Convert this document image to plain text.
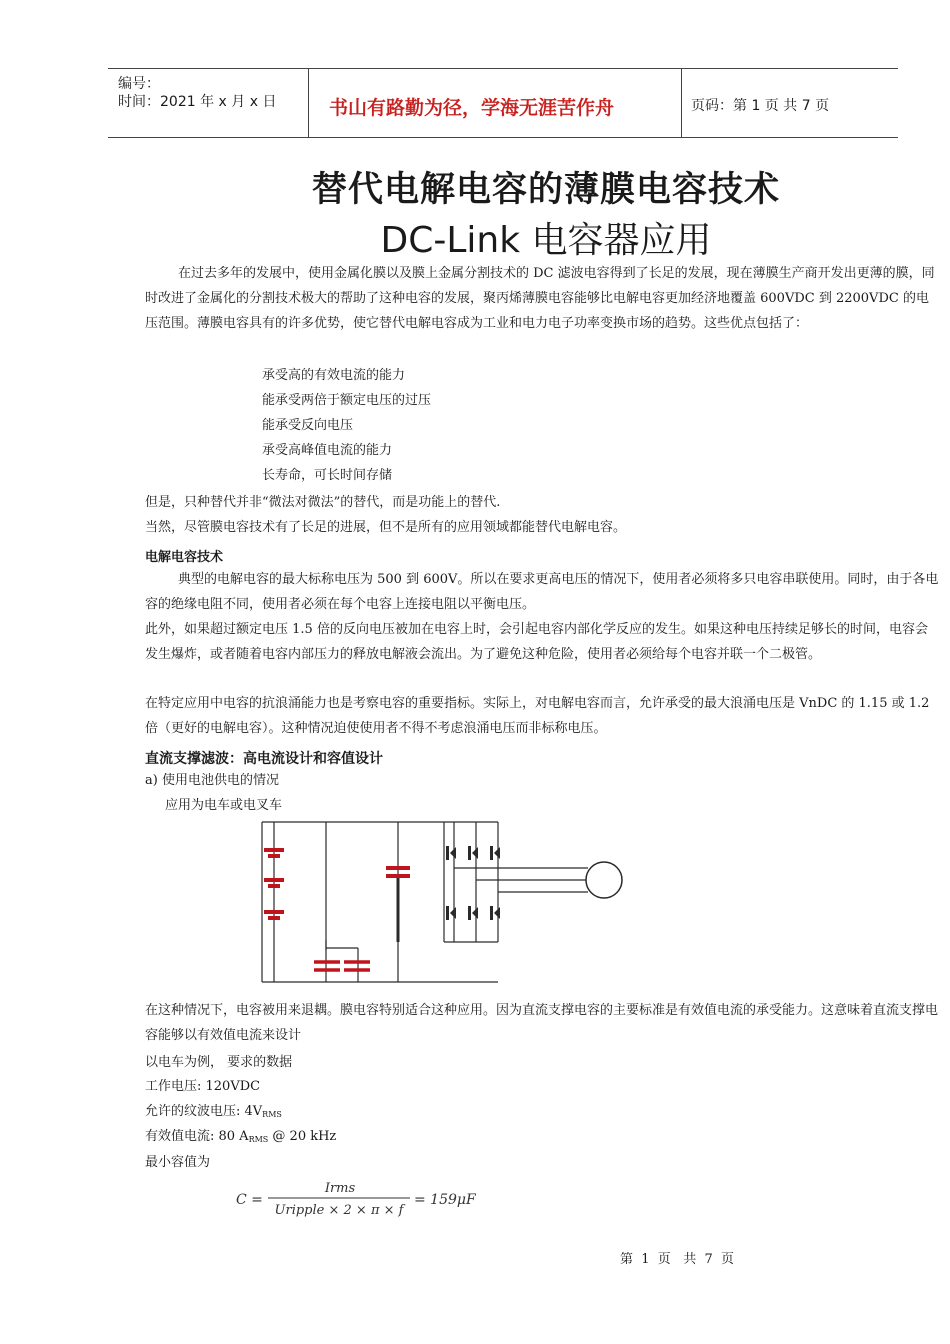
编号：
时间：2021 年 x 月 x 日	书山有路勤为径，学海无涯苦作舟	页码：第 1 页 共 7 页
替代电解电容的薄膜电容技术
DC-Link 电容器应用
在过去多年的发展中，使用金属化膜以及膜上金属分割技术的 DC 滤波电容得到了长足的发展，现在薄膜生产商开发出更薄的膜，同时改进了金属化的分割技术极大的帮助了这种电容的发展，聚丙烯薄膜电容能够比电解电容更加经济地覆盖 600VDC 到 2200VDC 的电压范围。薄膜电容具有的许多优势，使它替代电解电容成为工业和电力电子功率变换市场的趋势。这些优点包括了：
承受高的有效电流的能力
能承受两倍于额定电压的过压
能承受反向电压
承受高峰值电流的能力
长寿命，可长时间存储
但是，只种替代并非“微法对微法”的替代，而是功能上的替代.
当然，尽管膜电容技术有了长足的进展，但不是所有的应用领域都能替代电解电容。
电解电容技术
典型的电解电容的最大标称电压为 500 到 600V。所以在要求更高电压的情况下，使用者必须将多只电容串联使用。同时，由于各电容的绝缘电阻不同，使用者必须在每个电容上连接电阻以平衡电压。
此外，如果超过额定电压 1.5 倍的反向电压被加在电容上时，会引起电容内部化学反应的发生。如果这种电压持续足够长的时间，电容会发生爆炸，或者随着电容内部压力的释放电解液会流出。为了避免这种危险，使用者必须给每个电容并联一个二极管。
在特定应用中电容的抗浪涌能力也是考察电容的重要指标。实际上，对电解电容而言，允许承受的最大浪涌电压是 VnDC 的 1.15 或 1.2 倍（更好的电解电容）。这种情况迫使使用者不得不考虑浪涌电压而非标称电压。
直流支撑滤波：高电流设计和容值设计
a) 使用电池供电的情况
应用为电车或电叉车
在这种情况下，电容被用来退耦。膜电容特别适合这种应用。因为直流支撑电容的主要标准是有效值电流的承受能力。这意味着直流支撑电容能够以有效值电流来设计
以电车为例， 要求的数据
工作电压: 120VDC
允许的纹波电压: $4V_{RMS}$
有效值电流: 80 $A_{RMS}$ @ 20 kHz
最小容值为
C =
Irms
Uripple × 2 × π × f
= 159μF
第  1  页   共  7  页
